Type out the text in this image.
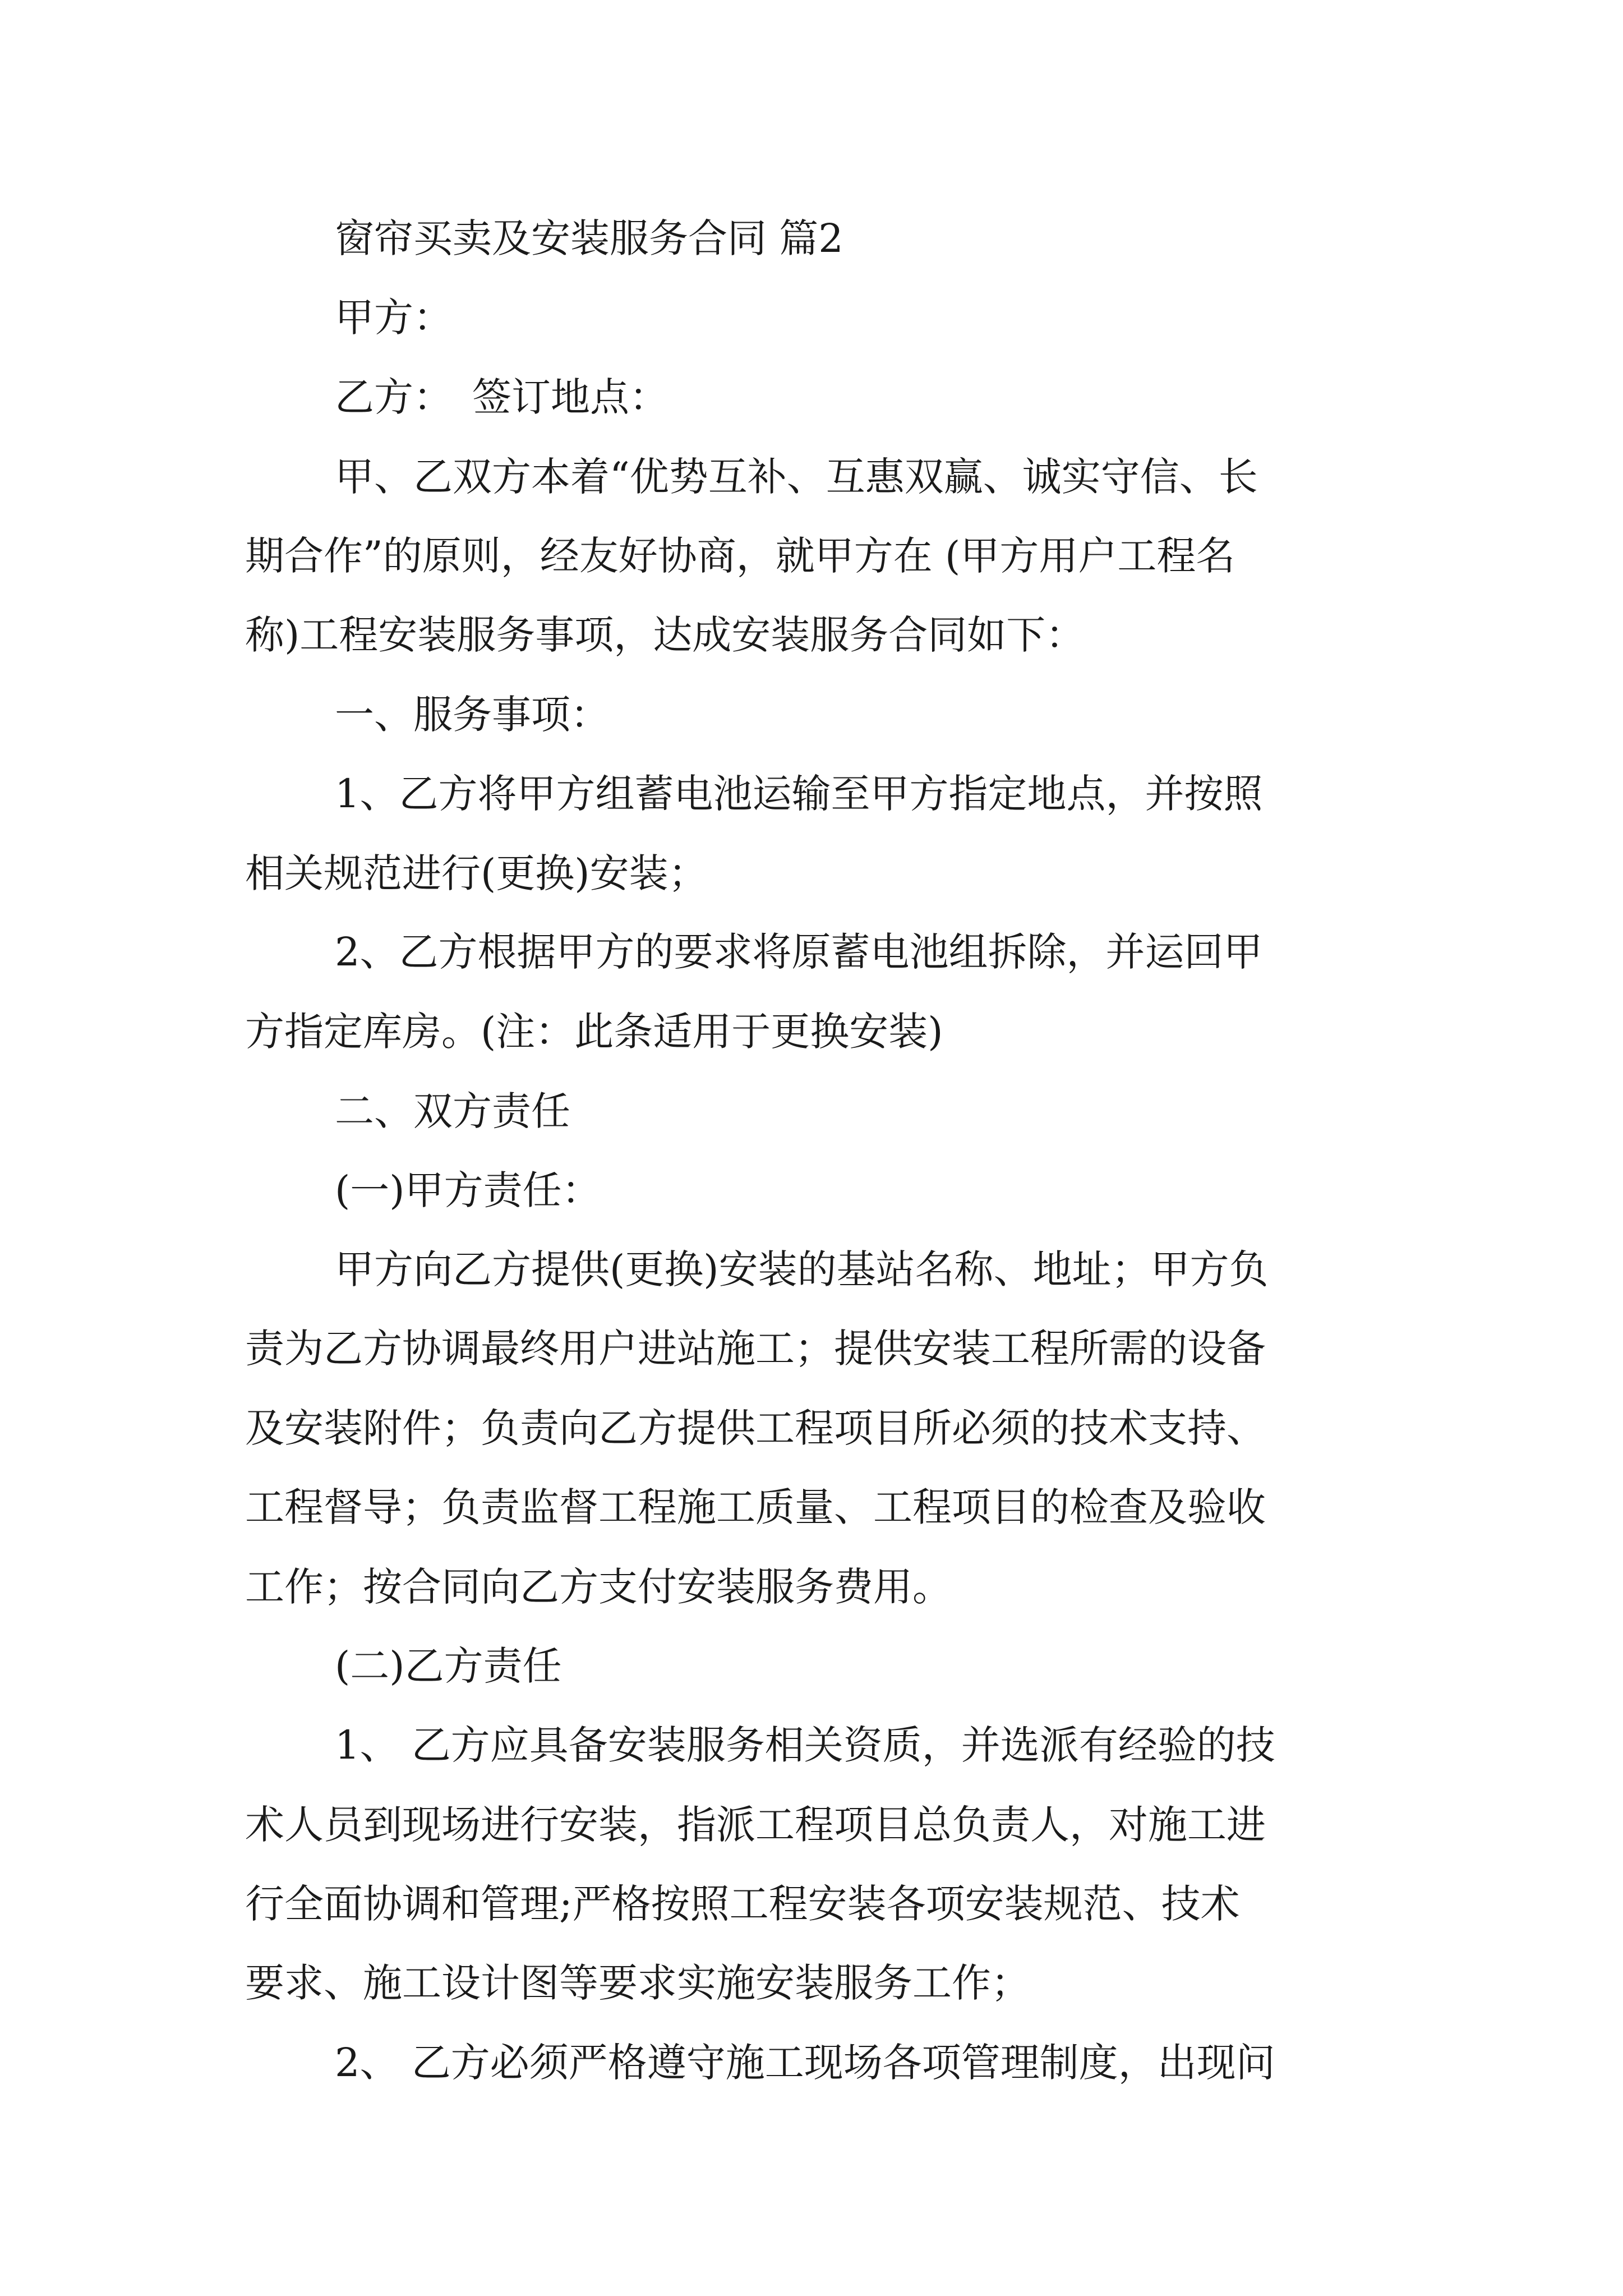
窗帘买卖及安装服务合同 篇2

甲方：

乙方：　签订地点：

甲、乙双方本着“优势互补、互惠双赢、诚实守信、长

期合作”的原则，经友好协商，就甲方在 (甲方用户工程名

称)工程安装服务事项，达成安装服务合同如下：

一、服务事项：

1、乙方将甲方组蓄电池运输至甲方指定地点，并按照

相关规范进行(更换)安装；

2、乙方根据甲方的要求将原蓄电池组拆除，并运回甲

方指定库房。(注：此条适用于更换安装)

二、双方责任

(一)甲方责任：

甲方向乙方提供(更换)安装的基站名称、地址；甲方负

责为乙方协调最终用户进站施工；提供安装工程所需的设备

及安装附件；负责向乙方提供工程项目所必须的技术支持、

工程督导；负责监督工程施工质量、工程项目的检查及验收

工作；按合同向乙方支付安装服务费用。

(二)乙方责任

1、 乙方应具备安装服务相关资质，并选派有经验的技

术人员到现场进行安装，指派工程项目总负责人，对施工进

行全面协调和管理;严格按照工程安装各项安装规范、技术

要求、施工设计图等要求实施安装服务工作；

2、 乙方必须严格遵守施工现场各项管理制度，出现问
